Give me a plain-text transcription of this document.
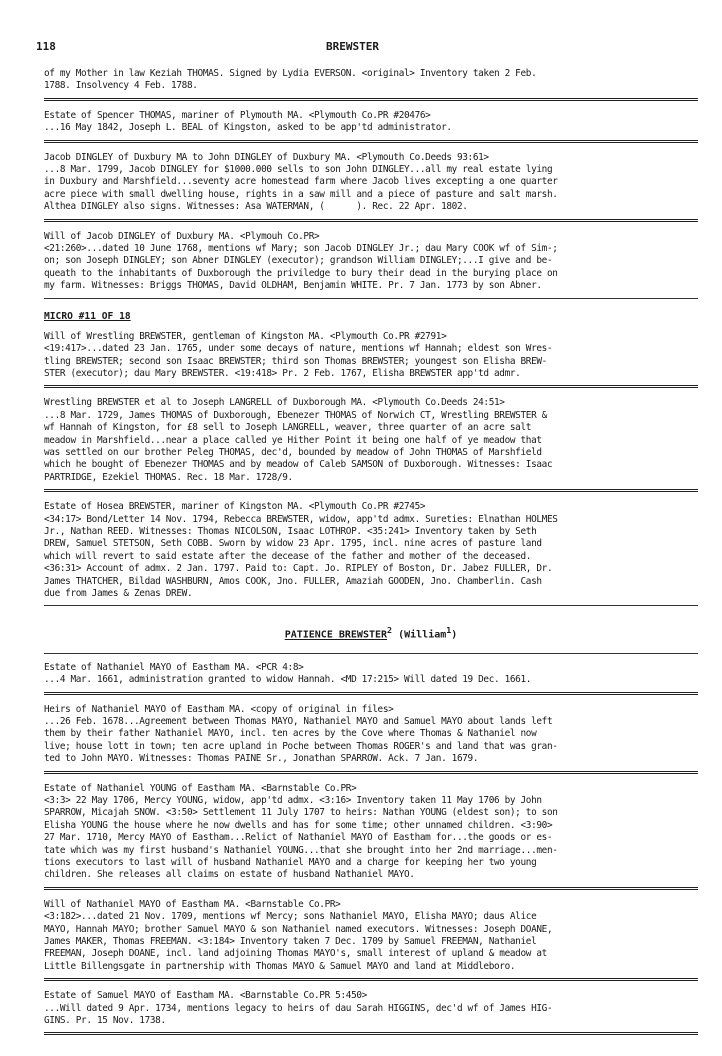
118	BREWSTER
of my Mother in law Keziah THOMAS. Signed by Lydia EVERSON. <original> Inventory taken 2 Feb.
1788. Insolvency 4 Feb. 1788.
Estate of Spencer THOMAS, mariner of Plymouth MA. <Plymouth Co.PR #20476>
...16 May 1842, Joseph L. BEAL of Kingston, asked to be app'td administrator.
Jacob DINGLEY of Duxbury MA to John DINGLEY of Duxbury MA. <Plymouth Co.Deeds 93:61>
...8 Mar. 1799, Jacob DINGLEY for $1000.000 sells to son John DINGLEY...all my real estate lying
in Duxbury and Marshfield...seventy acre homestead farm where Jacob lives excepting a one quarter
acre piece with small dwelling house, rights in a saw mill and a piece of pasture and salt marsh.
Althea DINGLEY also signs. Witnesses: Asa WATERMAN, (      ). Rec. 22 Apr. 1802.
Will of Jacob DINGLEY of Duxbury MA. <Plymouh Co.PR>
<21:260>...dated 10 June 1768, mentions wf Mary; son Jacob DINGLEY Jr.; dau Mary COOK wf of Sim-;
on; son Joseph DINGLEY; son Abner DINGLEY (executor); grandson William DINGLEY;...I give and be-
queath to the inhabitants of Duxborough the priviledge to bury their dead in the burying place on
my farm. Witnesses: Briggs THOMAS, David OLDHAM, Benjamin WHITE. Pr. 7 Jan. 1773 by son Abner.
MICRO #11 OF 18
Will of Wrestling BREWSTER, gentleman of Kingston MA. <Plymouth Co.PR #2791>
<19:417>...dated 23 Jan. 1765, under some decays of nature, mentions wf Hannah; eldest son Wres-
tling BREWSTER; second son Isaac BREWSTER; third son Thomas BREWSTER; youngest son Elisha BREW-
STER (executor); dau Mary BREWSTER. <19:418> Pr. 2 Feb. 1767, Elisha BREWSTER app'td admr.
Wrestling BREWSTER et al to Joseph LANGRELL of Duxborough MA. <Plymouth Co.Deeds 24:51>
...8 Mar. 1729, James THOMAS of Duxborough, Ebenezer THOMAS of Norwich CT, Wrestling BREWSTER &
wf Hannah of Kingston, for £8 sell to Joseph LANGRELL, weaver, three quarter of an acre salt
meadow in Marshfield...near a place called ye Hither Point it being one half of ye meadow that
was settled on our brother Peleg THOMAS, dec'd, bounded by meadow of John THOMAS of Marshfield
which he bought of Ebenezer THOMAS and by meadow of Caleb SAMSON of Duxborough. Witnesses: Isaac
PARTRIDGE, Ezekiel THOMAS. Rec. 18 Mar. 1728/9.
Estate of Hosea BREWSTER, mariner of Kingston MA. <Plymouth Co.PR #2745>
<34:17> Bond/Letter 14 Nov. 1794, Rebecca BREWSTER, widow, app'td admx. Sureties: Elnathan HOLMES
Jr., Nathan REED. Witnesses: Thomas NICOLSON, Isaac LOTHROP. <35:241> Inventory taken by Seth
DREW, Samuel STETSON, Seth COBB. Sworn by widow 23 Apr. 1795, incl. nine acres of pasture land
which will revert to said estate after the decease of the father and mother of the deceased.
<36:31> Account of admx. 2 Jan. 1797. Paid to: Capt. Jo. RIPLEY of Boston, Dr. Jabez FULLER, Dr.
James THATCHER, Bildad WASHBURN, Amos COOK, Jno. FULLER, Amaziah GOODEN, Jno. Chamberlin. Cash
due from James & Zenas DREW.
PATIENCE BREWSTER$^2$ (William$^1$)
Estate of Nathaniel MAYO of Eastham MA. <PCR 4:8>
...4 Mar. 1661, administration granted to widow Hannah. <MD 17:215> Will dated 19 Dec. 1661.
Heirs of Nathaniel MAYO of Eastham MA. <copy of original in files>
...26 Feb. 1678...Agreement between Thomas MAYO, Nathaniel MAYO and Samuel MAYO about lands left
them by their father Nathaniel MAYO, incl. ten acres by the Cove where Thomas & Nathaniel now
live; house lott in town; ten acre upland in Poche between Thomas ROGER's and land that was gran-
ted to John MAYO. Witnesses: Thomas PAINE Sr., Jonathan SPARROW. Ack. 7 Jan. 1679.
Estate of Nathaniel YOUNG of Eastham MA. <Barnstable Co.PR>
<3:3> 22 May 1706, Mercy YOUNG, widow, app'td admx. <3:16> Inventory taken 11 May 1706 by John
SPARROW, Micajah SNOW. <3:50> Settlement 11 July 1707 to heirs: Nathan YOUNG (eldest son); to son
Elisha YOUNG the house where he now dwells and has for some time; other unnamed children. <3:90>
27 Mar. 1710, Mercy MAYO of Eastham...Relict of Nathaniel MAYO of Eastham for...the goods or es-
tate which was my first husband's Nathaniel YOUNG...that she brought into her 2nd marriage...men-
tions executors to last will of husband Nathaniel MAYO and a charge for keeping her two young
children. She releases all claims on estate of husband Nathaniel MAYO.
Will of Nathaniel MAYO of Eastham MA. <Barnstable Co.PR>
<3:182>...dated 21 Nov. 1709, mentions wf Mercy; sons Nathaniel MAYO, Elisha MAYO; daus Alice
MAYO, Hannah MAYO; brother Samuel MAYO & son Nathaniel named executors. Witnesses: Joseph DOANE,
James MAKER, Thomas FREEMAN. <3:184> Inventory taken 7 Dec. 1709 by Samuel FREEMAN, Nathaniel
FREEMAN, Joseph DOANE, incl. land adjoining Thomas MAYO's, small interest of upland & meadow at
Little Billengsgate in partnership with Thomas MAYO & Samuel MAYO and land at Middleboro.
Estate of Samuel MAYO of Eastham MA. <Barnstable Co.PR 5:450>
...Will dated 9 Apr. 1734, mentions legacy to heirs of dau Sarah HIGGINS, dec'd wf of James HIG-
GINS. Pr. 15 Nov. 1738.
